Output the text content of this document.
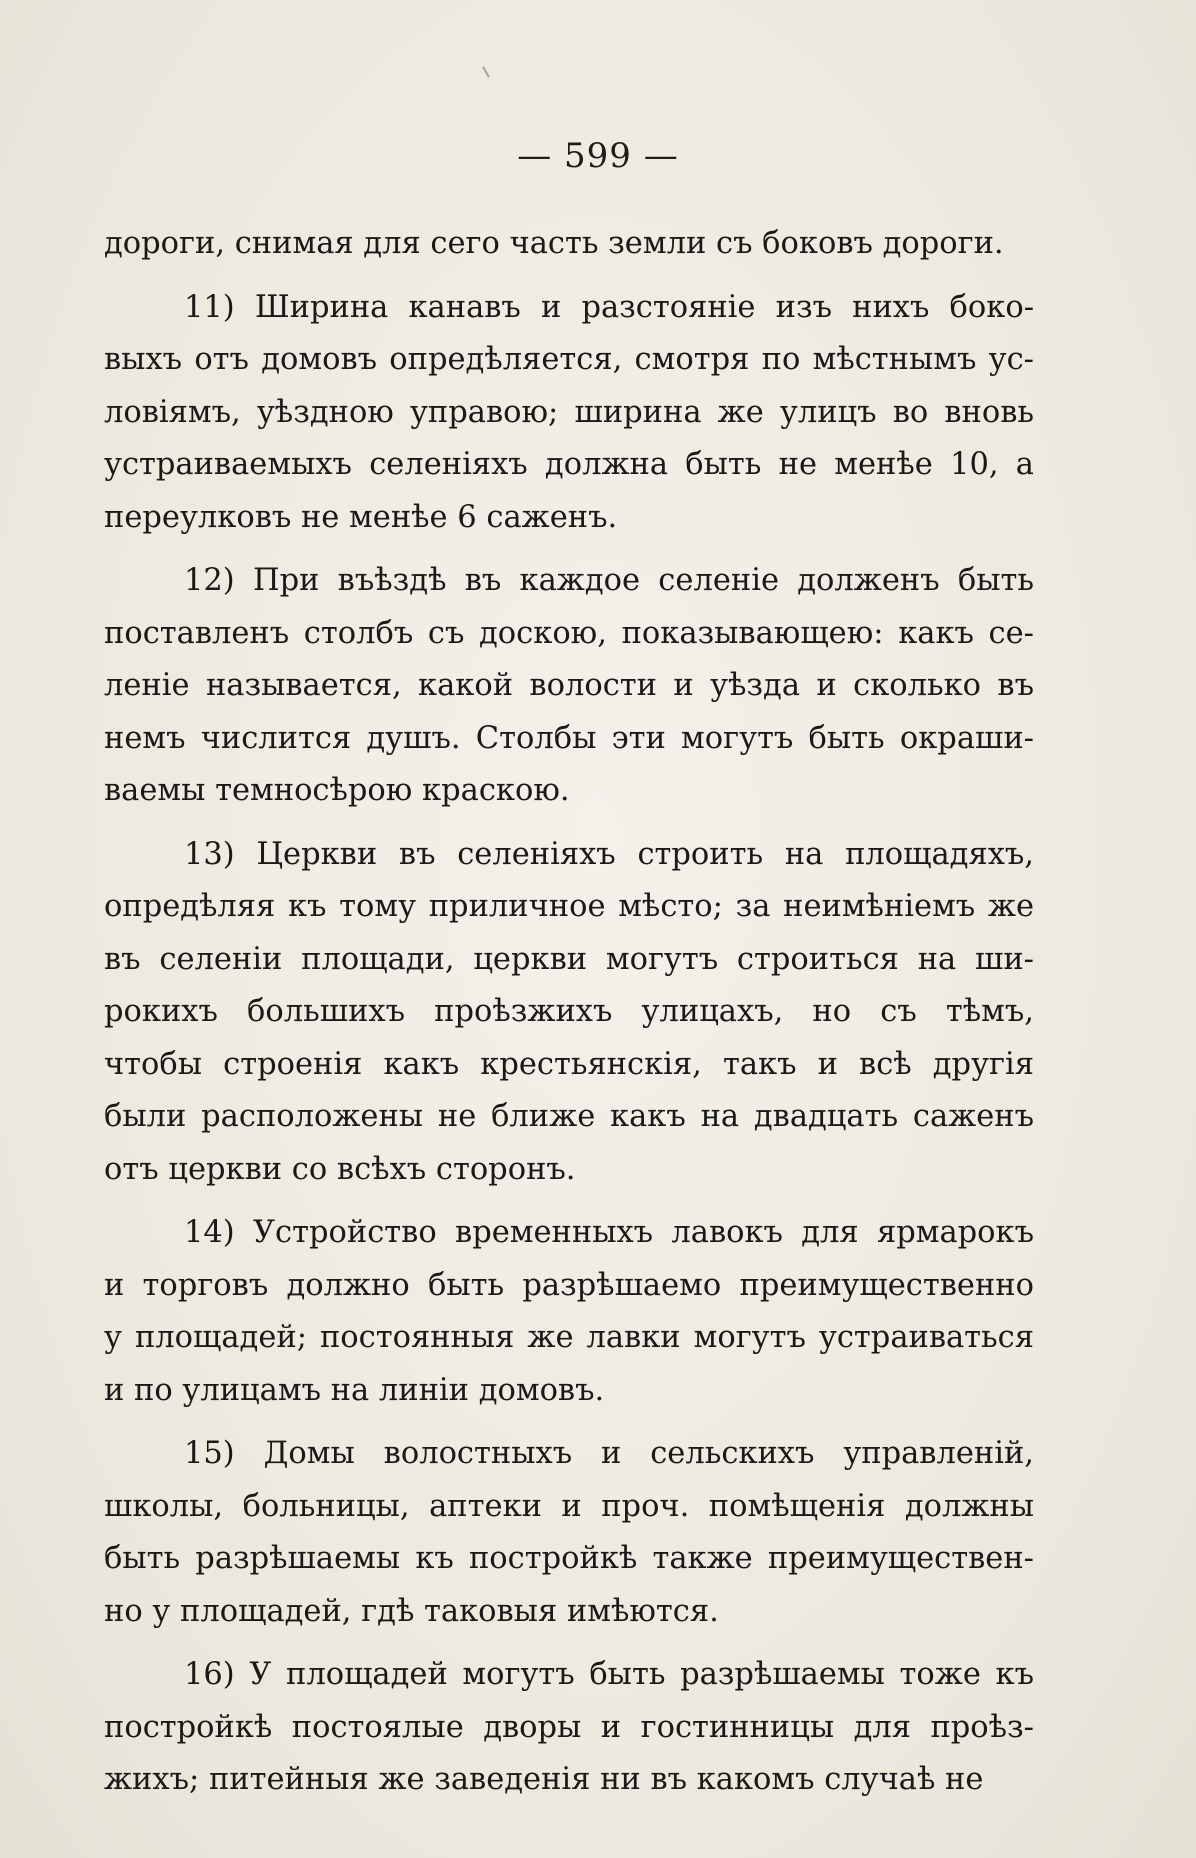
— 599 —
дороги, снимая для сего часть земли съ боковъ дороги.
11) Ширина канавъ и разстояніе изъ нихъ боко-
выхъ отъ домовъ опредѣляется, смотря по мѣстнымъ ус-
ловіямъ, уѣздною управою; ширина же улицъ во вновь
устраиваемыхъ селеніяхъ должна быть не менѣе 10, а
переулковъ не менѣе 6 саженъ.
12) При въѣздѣ въ каждое селеніе долженъ быть
поставленъ столбъ съ доскою, показывающею: какъ се-
леніе называется, какой волости и уѣзда и сколько въ
немъ числится душъ. Столбы эти могутъ быть окраши-
ваемы темносѣрою краскою.
13) Церкви въ селеніяхъ строить на площадяхъ,
опредѣляя къ тому приличное мѣсто; за неимѣніемъ же
въ селеніи площади, церкви могутъ строиться на ши-
рокихъ большихъ проѣзжихъ улицахъ, но съ тѣмъ,
чтобы строенія какъ крестьянскія, такъ и всѣ другія
были расположены не ближе какъ на двадцать саженъ
отъ церкви со всѣхъ сторонъ.
14) Устройство временныхъ лавокъ для ярмарокъ
и торговъ должно быть разрѣшаемо преимущественно
у площадей; постоянныя же лавки могутъ устраиваться
и по улицамъ на линіи домовъ.
15) Домы волостныхъ и сельскихъ управленій,
школы, больницы, аптеки и проч. помѣщенія должны
быть разрѣшаемы къ постройкѣ также преимуществен-
но у площадей, гдѣ таковыя имѣются.
16) У площадей могутъ быть разрѣшаемы тоже къ
постройкѣ постоялые дворы и гостинницы для проѣз-
жихъ; питейныя же заведенія ни въ какомъ случаѣ не
